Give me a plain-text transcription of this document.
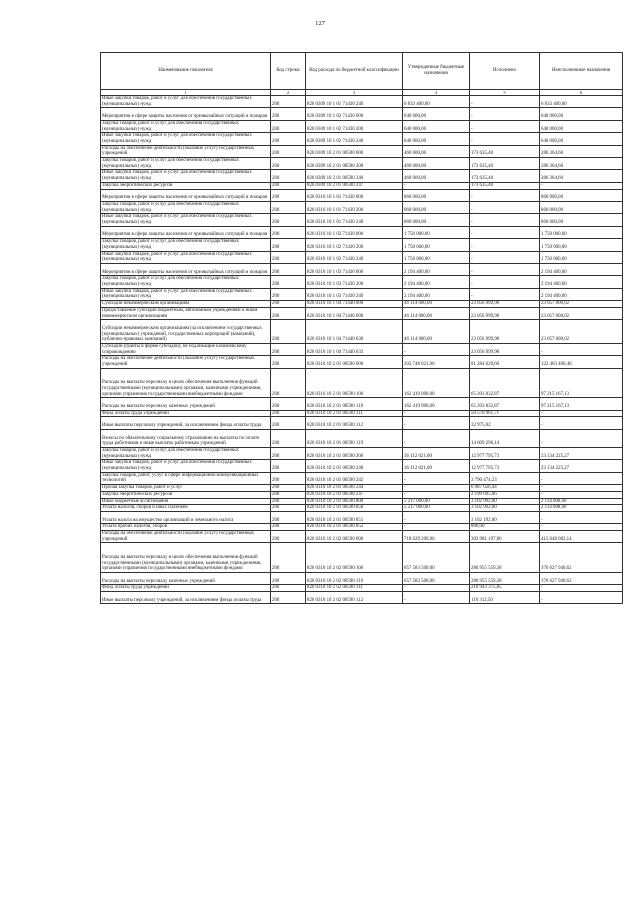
127
Наименование показателя	Код строки	Код расхода по бюджетной классификации	Утвержденные бюджетные назначения	Исполнено	Неисполненные назначения
1	2	3	4	5	6
Иные закупки товаров, работ и услуг для обеспечения государственных (муниципальных) нужд	200	826 0309 10 1 01 71430 240	6 833 400,00	-	6 833 400,00
Мероприятия в сфере защиты населения от чрезвычайных ситуаций и пожаров	200	826 0309 10 1 02 71430 000	640 000,00	-	640 000,00
Закупка товаров, работ и услуг для обеспечения государственных (муниципальных) нужд	200	826 0309 10 1 02 71430 200	640 000,00	-	640 000,00
Иные закупки товаров, работ и услуг для обеспечения государственных (муниципальных) нужд	200	826 0309 10 1 02 71430 240	640 000,00	-	640 000,00
Расходы на обеспечение деятельности (оказание услуг) государственных учреждений	200	826 0309 10 2 01 00590 000	460 000,00	173 635,40	286 364,60
Закупка товаров, работ и услуг для обеспечения государственных (муниципальных) нужд	200	826 0309 10 2 01 00590 200	460 000,00	173 635,40	286 364,60
Иные закупки товаров, работ и услуг для обеспечения государственных (муниципальных) нужд	200	826 0309 10 2 01 00590 240	460 000,00	173 635,40	286 364,60
Закупка энергетических ресурсов	200	826 0309 10 2 01 00590 247	-	173 635,40	-
Мероприятия в сфере защиты населения от чрезвычайных ситуаций и пожаров	200	826 0310 10 1 01 71430 000	860 000,00	-	860 000,00
Закупка товаров, работ и услуг для обеспечения государственных (муниципальных) нужд	200	826 0310 10 1 01 71430 200	860 000,00	-	860 000,00
Иные закупки товаров, работ и услуг для обеспечения государственных (муниципальных) нужд	200	826 0310 10 1 01 71430 240	860 000,00	-	860 000,00
Мероприятия в сфере защиты населения от чрезвычайных ситуаций и пожаров	200	826 0310 10 1 02 71430 000	1 750 000,00	-	1 750 000,00
Закупка товаров, работ и услуг для обеспечения государственных (муниципальных) нужд	200	826 0310 10 1 02 71430 200	1 750 000,00	-	1 750 000,00
Иные закупки товаров, работ и услуг для обеспечения государственных (муниципальных) нужд	200	826 0310 10 1 02 71430 240	1 750 000,00	-	1 750 000,00
Мероприятия в сфере защиты населения от чрезвычайных ситуаций и пожаров	200	826 0310 10 1 03 71430 000	2 194 400,00	-	2 194 400,00
Закупка товаров, работ и услуг для обеспечения государственных (муниципальных) нужд	200	826 0310 10 1 03 71430 200	2 194 400,00	-	2 194 400,00
Иные закупки товаров, работ и услуг для обеспечения государственных (муниципальных) нужд	200	826 0310 10 1 03 71430 240	2 194 400,00	-	2 194 400,00
Субсидии некоммерческим организациям	200	826 0310 10 1 04 71440 000	46 114 000,00	23 056 999,98	23 057 000,02
Предоставление субсидий бюджетным, автономным учреждениям и иным некоммерческим организациям	200	826 0310 10 1 04 71440 600	46 114 000,00	23 056 999,98	23 057 000,02
Субсидии некоммерческим организациям (за исключением государственных (муниципальных) учреждений, государственных корпораций (компаний), публично-правовых компаний)	200	826 0310 10 1 04 71440 630	46 114 000,00	23 056 999,98	23 057 000,02
Субсидии (гранты в форме субсидий), не подлежащие казначейскому сопровождению	200	826 0310 10 1 04 71440 633	-	23 056 999,98	-
Расходы на обеспечение деятельности (оказание услуг) государственных учреждений	200	826 0310 10 2 01 00590 000	203 748 021,00	81 284 620,60	122 463 400,40
Расходы на выплаты персоналу в целях обеспечения выполнения функций государственными (муниципальными) органами, казенными учреждениями, органами управления государственными внебюджетными фондами	200	826 0310 10 2 01 00590 100	162 419 000,00	65 203 832,87	97 215 167,13
Расходы на выплаты персоналу казенных учреждений	200	826 0310 10 2 01 00590 110	162 419 000,00	65 203 832,87	97 215 167,13
Фонд оплаты труда учреждений	200	826 0310 10 2 01 00590 111	-	50 570 961,71	-
Иные выплаты персоналу учреждений, за исключением фонда оплаты труда	200	826 0310 10 2 01 00590 112	-	32 975,02	-
Взносы по обязательному социальному страхованию на выплаты по оплате труда работников и иные выплаты работникам учреждений	200	826 0310 10 2 01 00590 119	-	14 609 296,14	-
Закупка товаров, работ и услуг для обеспечения государственных (муниципальных) нужд	200	826 0310 10 2 01 00590 200	36 112 021,00	12 977 795,73	23 134 225,27
Иные закупки товаров, работ и услуг для обеспечения государственных (муниципальных) нужд	200	826 0310 10 2 01 00590 240	36 112 021,00	12 977 795,73	23 134 225,27
Закупка товаров, работ, услуг в сфере информационно-коммуникационных технологий	200	826 0310 10 2 01 00590 242	-	3 790 474,23	-
Прочая закупка товаров, работ и услуг	200	826 0310 10 2 01 00590 244	-	6 987 626,44	-
Закупка энергетических ресурсов	200	826 0310 10 2 01 00590 247	-	2 199 695,06	-
Иные бюджетные ассигнования	200	826 0310 10 2 01 00590 800	5 217 000,00	3 102 992,00	2 114 008,00
Уплата налогов, сборов и иных платежей	200	826 0310 10 2 01 00590 850	5 217 000,00	3 102 992,00	2 114 008,00
Уплата налога на имущество организаций и земельного налога	200	826 0310 10 2 01 00590 851	-	3 102 192,00	-
Уплата прочих налогов, сборов	200	826 0310 10 2 01 00590 852	-	800,00	-
Расходы на обеспечение деятельности (оказание услуг) государственных учреждений	200	826 0310 10 2 02 00590 000	718 629 200,00	302 981 197,86	415 648 002,14
Расходы на выплаты персоналу в целях обеспечения выполнения функций государственными (муниципальными) органами, казенными учреждениями, органами управления государственными внебюджетными фондами	200	826 0310 10 2 02 00590 100	657 583 500,00	280 955 559,38	376 627 940,62
Расходы на выплаты персоналу казенных учреждений	200	826 0310 10 2 02 00590 110	657 583 500,00	280 955 559,38	376 627 940,62
Фонд оплаты труда учреждений	200	826 0310 10 2 02 00590 111	-	218 943 375,85	-
Иные выплаты персоналу учреждений, за исключением фонда оплаты труда	200	826 0310 10 2 02 00590 112	-	116 312,50	-
